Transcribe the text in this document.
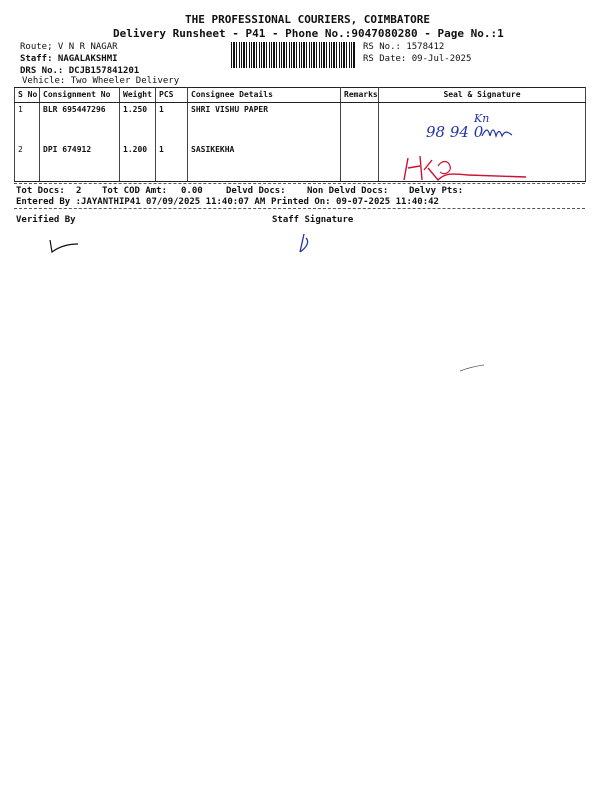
THE PROFESSIONAL COURIERS, COIMBATORE
Delivery Runsheet - P41 - Phone No.:9047080280 - Page No.:1
Route; V N R NAGAR
Staff: NAGALAKSHMI
DRS No.: DCJB157841201
Vehicle: Two Wheeler Delivery
RS No.: 1578412
RS Date: 09-Jul-2025
S No	Consignment No	Weight	PCS	Consignee Details	Remarks	Seal & Signature
1	BLR 695447296	1.250	1	SHRI VISHU PAPER		
2	DPI 674912	1.200	1	SASIKEKHA		
98 94 0
Kn
Tot Docs: 2 Tot COD Amt: 0.00	Delvd Docs: Non Delvd Docs: Delvy Pts:
Entered By :JAYANTHIP41 07/09/2025 11:40:07 AM Printed On: 09-07-2025 11:40:42
Verified By	Staff Signature
